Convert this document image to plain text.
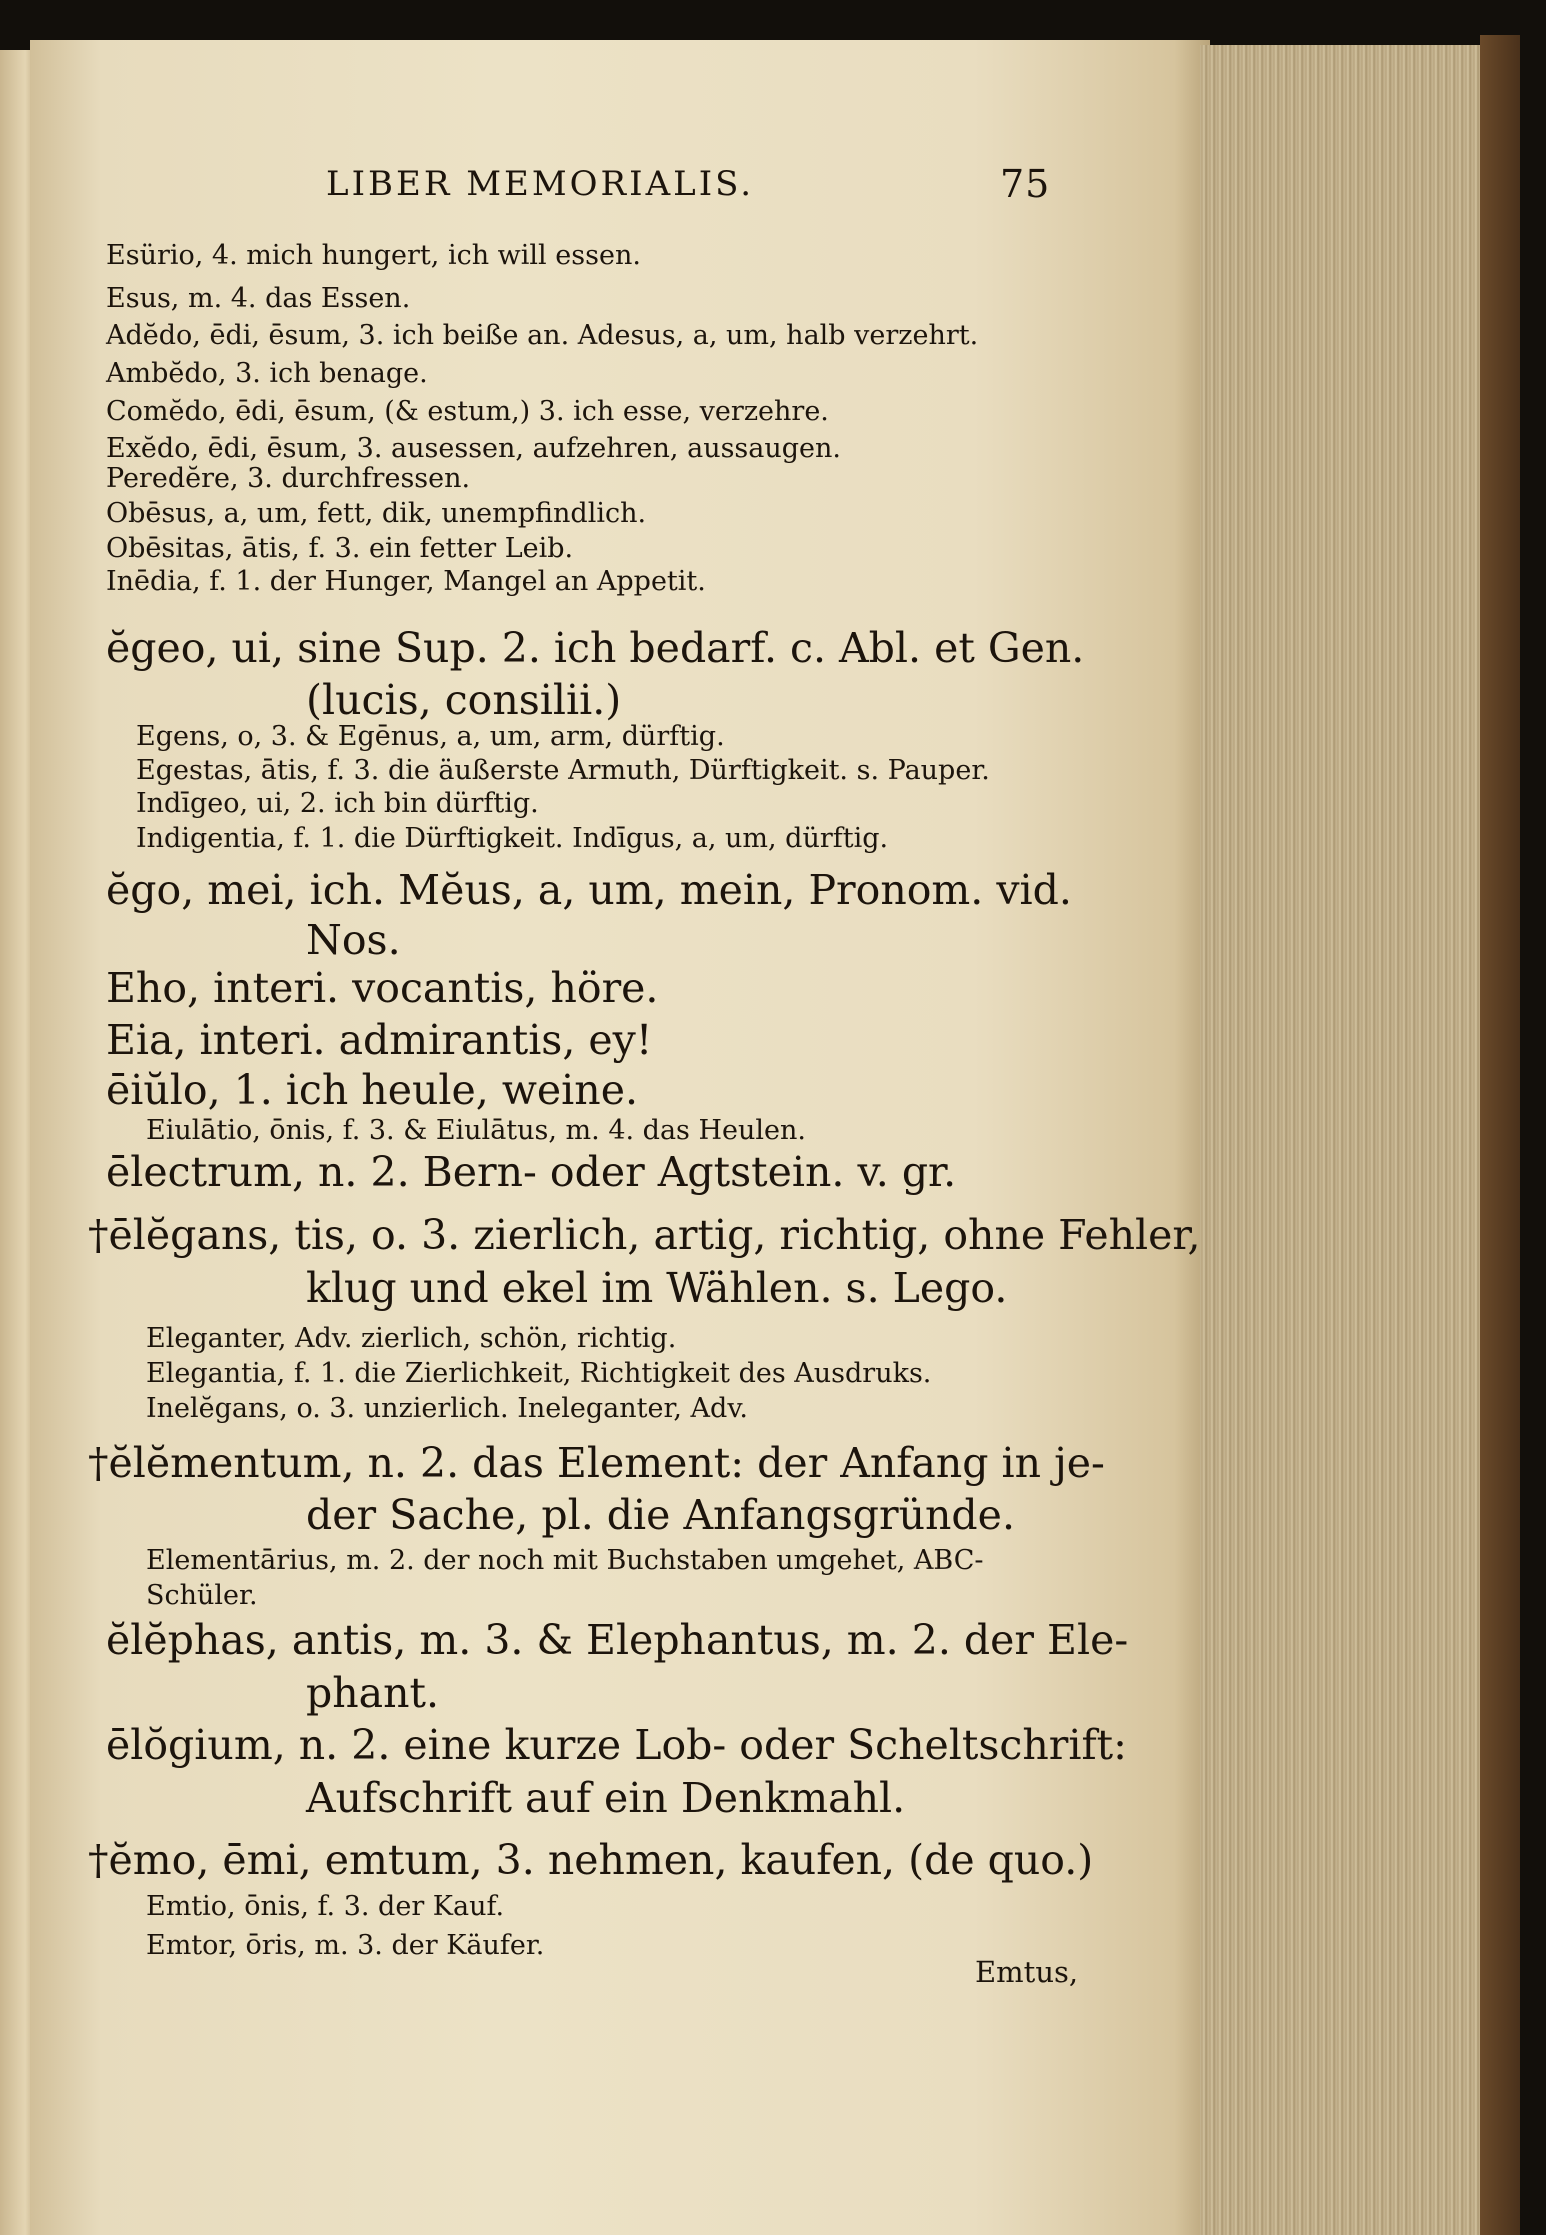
LIBER MEMORIALIS.	75
Esürio, 4. mich hungert, ich will essen.
Esus, m. 4. das Essen.
Adĕdo, ēdi, ēsum, 3. ich beiße an. Adesus, a, um, halb verzehrt.
Ambĕdo, 3. ich benage.
Comĕdo, ēdi, ēsum, (& estum,) 3. ich esse, verzehre.
Exĕdo, ēdi, ēsum, 3. ausessen, aufzehren, aussaugen.
Peredĕre, 3. durchfressen.
Obēsus, a, um, fett, dik, unempfindlich.
Obēsitas, ātis, f. 3. ein fetter Leib.
Inēdia, f. 1. der Hunger, Mangel an Appetit.
ĕgeo, ui, sine Sup. 2. ich bedarf. c. Abl. et Gen.
(lucis, consilii.)
Egens, o, 3. & Egēnus, a, um, arm, dürftig.
Egestas, ātis, f. 3. die äußerste Armuth, Dürftigkeit. s. Pauper.
Indīgeo, ui, 2. ich bin dürftig.
Indigentia, f. 1. die Dürftigkeit. Indīgus, a, um, dürftig.
ĕgo, mei, ich. Mĕus, a, um, mein, Pronom. vid.
Nos.
Eho, interi. vocantis, höre.
Eia, interi. admirantis, ey!
ēiŭlo, 1. ich heule, weine.
Eiulātio, ōnis, f. 3. & Eiulātus, m. 4. das Heulen.
ēlectrum, n. 2. Bern- oder Agtstein. v. gr.
†ēlĕgans, tis, o. 3. zierlich, artig, richtig, ohne Fehler,
klug und ekel im Wählen. s. Lego.
Eleganter, Adv. zierlich, schön, richtig.
Elegantia, f. 1. die Zierlichkeit, Richtigkeit des Ausdruks.
Inelĕgans, o. 3. unzierlich. Ineleganter, Adv.
†ĕlĕmentum, n. 2. das Element: der Anfang in je-
der Sache, pl. die Anfangsgründe.
Elementārius, m. 2. der noch mit Buchstaben umgehet, ABC-
Schüler.
ĕlĕphas, antis, m. 3. & Elephantus, m. 2. der Ele-
phant.
ēlŏgium, n. 2. eine kurze Lob- oder Scheltschrift:
Aufschrift auf ein Denkmahl.
†ĕmo, ēmi, emtum, 3. nehmen, kaufen, (de quo.)
Emtio, ōnis, f. 3. der Kauf.
Emtor, ōris, m. 3. der Käufer.
Emtus,
